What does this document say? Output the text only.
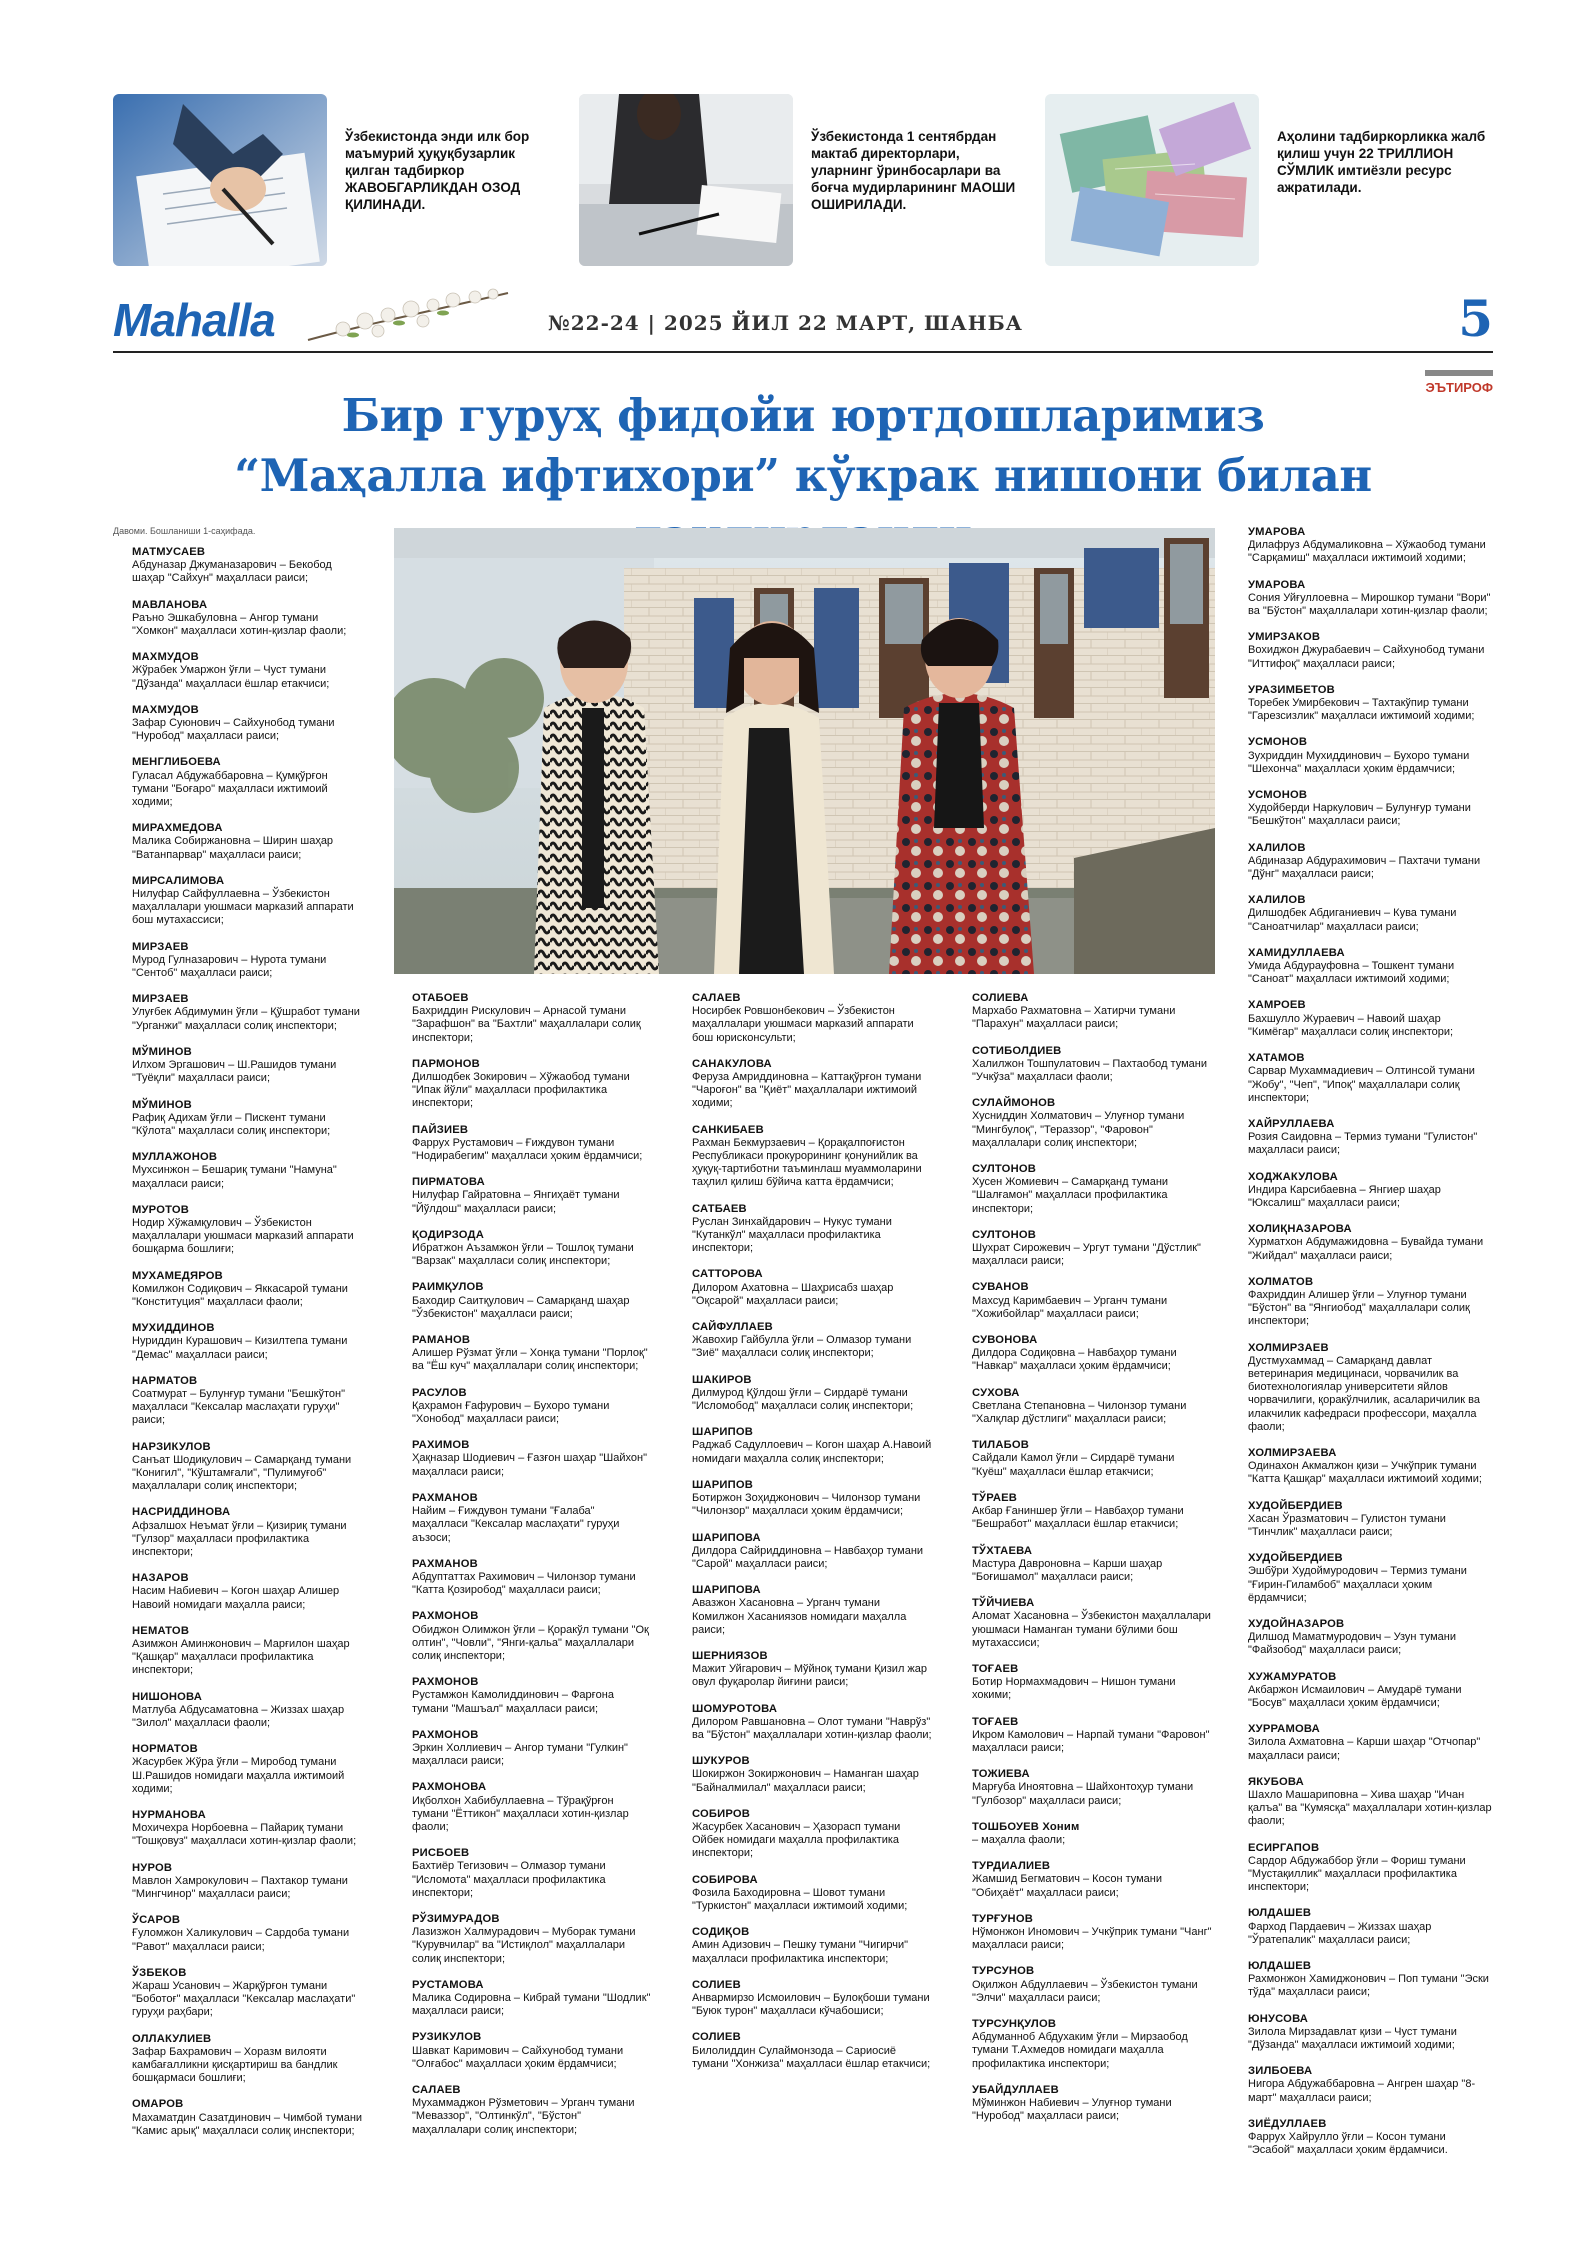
Ўзбекистонда энди илк бор маъмурий ҳуқуқбузарлик қилган тадбиркор ЖАВОБГАРЛИКДАН ОЗОД ҚИЛИНАДИ.
Ўзбекистонда 1 сентябрдан мактаб директорлари, уларнинг ўринбосарлари ва боғча мудирларининг МАОШИ ОШИРИЛАДИ.
Аҳолини тадбиркорликка жалб қилиш учун 22 ТРИЛЛИОН СЎМЛИК имтиёзли ресурс ажратилади.
Mahalla	№22-24 | 2025 ЙИЛ 22 МАРТ, ШАНБА	5
ЭЪТИРОФ
Бир гуруҳ фидойи юртдошларимиз
“Маҳалла ифтихори” кўкрак нишони билан
Давоми. Бошланиши 1-саҳифада.
МАТМУСАЕВ
Абдуназар Джуманазарович – Бекобод шаҳар "Сайхун" маҳалласи раиси;
МАВЛАНОВА
Раъно Эшкабуловна – Ангор тумани "Хомкон" маҳалласи хотин-қизлар фаоли;
МАХМУДОВ
Жўрабек Умаржон ўғли – Чуст тумани "Дўзанда" маҳалласи ёшлар етакчиси;
МАХМУДОВ
Зафар Суюнович – Сайхунобод тумани "Нуробод" маҳалласи раиси;
МЕНГЛИБОЕВА
Гуласал Абдужаббаровна – Қумқўрғон тумани "Боғаро" маҳалласи ижтимоий ходими;
МИРАХМЕДОВА
Малика Собиржановна – Ширин шаҳар "Ватанпарвар" маҳалласи раиси;
МИРСАЛИМОВА
Нилуфар Сайфуллаевна – Ўзбекистон маҳаллалари уюшмаси марказий аппарати бош мутахассиси;
МИРЗАЕВ
Мурод Гулназарович – Нурота тумани "Сентоб" маҳалласи раиси;
МИРЗАЕВ
Улуғбек Абдимумин ўғли – Қўшработ тумани "Урганжи" маҳалласи солиқ инспектори;
МЎМИНОВ
Илхом Эргашович – Ш.Рашидов тумани "Туёқли" маҳалласи раиси;
МЎМИНОВ
Рафиқ Адихам ўғли – Пискент тумани "Кўлота" маҳалласи солиқ инспектори;
МУЛЛАЖОНОВ
Мухсинжон – Бешариқ тумани "Намуна" маҳалласи раиси;
МУРОТОВ
Нодир Хўжамқулович – Ўзбекистон маҳаллалари уюшмаси марказий аппарати бошқарма бошлиғи;
МУХАМЕДЯРОВ
Комилжон Содиқович – Яккасарой тумани "Конституция" маҳалласи фаоли;
МУХИДДИНОВ
Нуриддин Курашович – Кизилтепа тумани "Демас" маҳалласи раиси;
НАРМАТОВ
Соатмурат – Булунғур тумани "Бешкўтон" маҳалласи "Кексалар маслаҳати гуруҳи" раиси;
НАРЗИКУЛОВ
Санъат Шодиқулович – Самарқанд тумани "Конигил", "Кўштамғали", "Пулимуғоб" маҳаллалари солиқ инспектори;
НАСРИДДИНОВА
Афзалшох Неъмат ўғли – Қизириқ тумани "Гулзор" маҳалласи профилактика инспектори;
НАЗАРОВ
Насим Набиевич – Когон шаҳар Алишер Навоий номидаги маҳалла раиси;
НЕМАТОВ
Азимжон Аминжонович – Марғилон шаҳар "Қашқар" маҳалласи профилактика инспектори;
НИШОНОВА
Матлуба Абдусаматовна – Жиззах шаҳар "Зилол" маҳалласи фаоли;
НОРМАТОВ
Жасурбек Жўра ўғли – Миробод тумани Ш.Рашидов номидаги маҳалла ижтимоий ходими;
НУРМАНОВА
Мохичехра Норбоевна – Пайариқ тумани "Тошқовуз" маҳалласи хотин-қизлар фаоли;
НУРОВ
Мавлон Хамрокулович – Пахтакор тумани "Мингчинор" маҳалласи раиси;
ЎСАРОВ
Ғуломжон Халикулович – Сардоба тумани "Равот" маҳалласи раиси;
ЎЗБЕКОВ
Жараш Усанович – Жарқўрғон тумани "Боботоғ" маҳалласи "Кексалар маслаҳати" гуруҳи раҳбари;
ОЛЛАКУЛИЕВ
Зафар Бахрамович – Хоразм вилояти камбағалликни қисқартириш ва бандлик бошқармаси бошлиғи;
ОМАРОВ
Махаматдин Сазатдинович – Чимбой тумани "Камис арық" маҳалласи солиқ инспектори;
ОТАБОЕВ
Бахриддин Рискулович – Арнасой тумани "Зарафшон" ва "Бахтли" маҳаллалари солиқ инспектори;
ПАРМОНОВ
Дилшодбек Зокирович – Хўжаобод тумани "Ипак йўли" маҳалласи профилактика инспектори;
ПАЙЗИЕВ
Фаррух Рустамович – Ғиждувон тумани "Нодирабегим" маҳалласи ҳоким ёрдамчиси;
ПИРМАТОВА
Нилуфар Гайратовна – Янгиҳаёт тумани "Йўлдош" маҳалласи раиси;
ҚОДИРЗОДА
Ибратжон Аъзамжон ўғли – Тошлоқ тумани "Варзак" маҳалласи солиқ инспектори;
РАИМҚУЛОВ
Баходир Саитқулович – Самарқанд шаҳар "Ўзбекистон" маҳалласи раиси;
РАМАНОВ
Алишер Рўзмат ўғли – Хонқа тумани "Порлоқ" ва "Ёш куч" маҳаллалари солиқ инспектори;
РАСУЛОВ
Қахрамон Ғафурович – Бухоро тумани "Хонобод" маҳалласи раиси;
РАХИМОВ
Ҳақназар Шодиевич – Ғазғон шаҳар "Шайхон" маҳалласи раиси;
РАХМАНОВ
Найим – Ғиждувон тумани "Ғалаба" маҳалласи "Кексалар маслаҳати" гуруҳи аъзоси;
РАХМАНОВ
Абдуптаттах Рахимович – Чилонзор тумани "Катта Қозиробод" маҳалласи раиси;
РАХМОНОВ
Обиджон Олимжон ўғли – Қоракўл тумани "Оқ олтин", "Човли", "Янги-қальа" маҳаллалари солиқ инспектори;
РАХМОНОВ
Рустамжон Камолиддинович – Фарғона тумани "Машъал" маҳалласи раиси;
РАХМОНОВ
Эркин Холлиевич – Ангор тумани "Гулкин" маҳалласи раиси;
РАХМОНОВА
Иқболхон Хабибуллаевна – Тўрақўрғон тумани "Ёттикон" маҳалласи хотин-қизлар фаоли;
РИСБОЕВ
Бахтиёр Тегизович – Олмазор тумани "Исломота" маҳалласи профилактика инспектори;
РЎЗИМУРАДОВ
Лазизжон Халмурадович – Муборак тумани "Курувчилар" ва "Истиқлол" маҳаллалари солиқ инспектори;
РУСТАМОВА
Малика Содировна – Кибрай тумани "Шодлик" маҳалласи раиси;
РУЗИКУЛОВ
Шавкат Каримович – Сайхунобод тумани "Олғабос" маҳалласи ҳоким ёрдамчиси;
САЛАЕВ
Мухаммаджон Рўзметович – Урганч тумани "Меваззор", "Олтинкўл", "Бўстон" маҳаллалари солиқ инспектори;
САЛАЕВ
Носирбек Ровшонбекович – Ўзбекистон маҳаллалари уюшмаси марказий аппарати бош юрисконсульти;
САНАКУЛОВА
Феруза Амриддиновна – Каттақўрғон тумани "Чароғон" ва "Қиёт" маҳаллалари ижтимоий ходими;
САНКИБАЕВ
Рахман Бекмурзаевич – Қорақалпоғистон Республикаси прокурорининг қонунийлик ва ҳуқуқ-тартиботни таъминлаш муаммоларини таҳлил қилиш бўйича катта ёрдамчиси;
САТБАЕВ
Руслан Зинхайдарович – Нукус тумани "Кутанкўл" маҳалласи профилактика инспектори;
САТТОРОВА
Дилором Ахатовна – Шаҳрисабз шаҳар "Оқсарой" маҳалласи раиси;
САЙФУЛЛАЕВ
Жавохир Гайбулла ўғли – Олмазор тумани "Зиё" маҳалласи солиқ инспектори;
ШАКИРОВ
Дилмурод Қўлдош ўғли – Сирдарё тумани "Исломобод" маҳалласи солиқ инспектори;
ШАРИПОВ
Раджаб Садуллоевич – Когон шаҳар А.Навоий номидаги маҳалла солиқ инспектори;
ШАРИПОВ
Ботиржон Зоҳиджонович – Чилонзор тумани "Чилонзор" маҳалласи ҳоким ёрдамчиси;
ШАРИПОВА
Дилдора Сайриддиновна – Навбаҳор тумани "Сарой" маҳалласи раиси;
ШАРИПОВА
Авазжон Хасановна – Урганч тумани Комилжон Хасаниязов номидаги маҳалла раиси;
ШЕРНИЯЗОВ
Мажит Уйгарович – Мўйноқ тумани Қизил жар овул фуқаролар йиғини раиси;
ШОМУРОТОВА
Дилором Равшановна – Олот тумани "Наврўз" ва "Бўстон" маҳаллалари хотин-қизлар фаоли;
ШУКУРОВ
Шокиржон Зокиржонович – Наманган шаҳар "Байналмилал" маҳалласи раиси;
СОБИРОВ
Жасурбек Хасанович – Ҳазорасп тумани Ойбек номидаги маҳалла профилактика инспектори;
СОБИРОВА
Фозила Баходировна – Шовот тумани "Туркистон" маҳалласи ижтимоий ходими;
СОДИҚОВ
Амин Адизович – Пешку тумани "Чигирчи" маҳалласи профилактика инспектори;
СОЛИЕВ
Анвармирзо Исмоилович – Булоқбоши тумани "Буюк турон" маҳалласи кўчабошиси;
СОЛИЕВ
Билолиддин Сулаймонзода – Сариосиё тумани "Хонжиза" маҳалласи ёшлар етакчиси;
СОЛИЕВА
Мархабо Рахматовна – Хатирчи тумани "Парахун" маҳалласи раиси;
СОТИБОЛДИЕВ
Халилжон Тошпулатович – Пахтаобод тумани "Учкўза" маҳалласи фаоли;
СУЛАЙМОНОВ
Хусниддин Холматович – Улуғнор тумани "Мингбулоқ", "Тераззор", "Фаровон" маҳаллалари солиқ инспектори;
СУЛТОНОВ
Хусен Жомиевич – Самарқанд тумани "Шалғамон" маҳалласи профилактика инспектори;
СУЛТОНОВ
Шухрат Сирожевич – Ургут тумани "Дўстлик" маҳалласи раиси;
СУВАНОВ
Махсуд Каримбаевич – Урганч тумани "Хожибойлар" маҳалласи раиси;
СУВОНОВА
Дилдора Содиқовна – Навбаҳор тумани "Навкар" маҳалласи ҳоким ёрдамчиси;
СУХОВА
Светлана Степановна – Чилонзор тумани "Халқлар дўстлиги" маҳалласи раиси;
ТИЛАБОВ
Сайдали Камол ўғли – Сирдарё тумани "Куёш" маҳалласи ёшлар етакчиси;
ТЎРАЕВ
Акбар Ғаниншер ўғли – Навбаҳор тумани "Бешработ" маҳалласи ёшлар етакчиси;
ТЎХТАЕВА
Мастура Давроновна – Карши шаҳар "Боғишамол" маҳалласи раиси;
ТЎЙЧИЕВА
Аломат Хасановна – Ўзбекистон маҳаллалари уюшмаси Наманган тумани бўлими бош мутахассиси;
ТОҒАЕВ
Ботир Нормахмадович – Нишон тумани хокими;
ТОҒАЕВ
Икром Камолович – Нарпай тумани "Фаровон" маҳалласи раиси;
ТОЖИЕВА
Марғуба Иноятовна – Шайхонтоҳур тумани "Гулбозор" маҳалласи раиси;
ТОШБОУЕВ Хоним
– маҳалла фаоли;
ТУРДИАЛИЕВ
Жамшид Бегматович – Косон тумани "Обиҳаёт" маҳалласи раиси;
ТУРҒУНОВ
Нўмонжон Иномович – Учкўприк тумани "Чанг" маҳалласи раиси;
ТУРСУНОВ
Оқилжон Абдуллаевич – Ўзбекистон тумани "Элчи" маҳалласи раиси;
ТУРСУНҚУЛОВ
Абдуманноб Абдухаким ўғли – Мирзаобод тумани Т.Ахмедов номидаги маҳалла профилактика инспектори;
УБАЙДУЛЛАЕВ
Мўминжон Набиевич – Улуғнор тумани "Нуробод" маҳалласи раиси;
УМАРОВА
Дилафруз Абдумаликовна – Хўжаобод тумани "Сарқамиш" маҳалласи ижтимоий ходими;
УМАРОВА
Сония Уйғуллоевна – Мирошкор тумани "Вори" ва "Бўстон" маҳаллалари хотин-қизлар фаоли;
УМИРЗАКОВ
Вохиджон Джурабаевич – Сайхунобод тумани "Иттифоқ" маҳалласи раиси;
УРАЗИМБЕТОВ
Торебек Умирбекович – Тахтакўпир тумани "Гарезсизлик" маҳалласи ижтимоий ходими;
УСМОНОВ
Зухриддин Мухиддинович – Бухоро тумани "Шехонча" маҳалласи ҳоким ёрдамчиси;
УСМОНОВ
Худойберди Наркулович – Булунғур тумани "Бешкўтон" маҳалласи раиси;
ХАЛИЛОВ
Абдиназар Абдурахимович – Пахтачи тумани "Дўнг" маҳалласи раиси;
ХАЛИЛОВ
Дилшодбек Абдиганиевич – Кува тумани "Саноатчилар" маҳалласи раиси;
ХАМИДУЛЛАЕВА
Умида Абдурауфовна – Тошкент тумани "Саноат" маҳалласи ижтимоий ходими;
ХАМРОЕВ
Бахшулло Жураевич – Навоий шаҳар "Кимёгар" маҳалласи солиқ инспектори;
ХАТАМОВ
Сарвар Мухаммадиевич – Олтинсой тумани "Жобу", "Чеп", "Ипоқ" маҳаллалари солиқ инспектори;
ХАЙРУЛЛАЕВА
Розия Саидовна – Термиз тумани "Гулистон" маҳалласи раиси;
ХОДЖАКУЛОВА
Индира Карсибаевна – Янгиер шаҳар "Юксалиш" маҳалласи раиси;
ХОЛИҚНАЗАРОВА
Хурматхон Абдумажидовна – Бувайда тумани "Жийдал" маҳалласи раиси;
ХОЛМАТОВ
Фахриддин Алишер ўғли – Улуғнор тумани "Бўстон" ва "Янгиобод" маҳаллалари солиқ инспектори;
ХОЛМИРЗАЕВ
Дустмухаммад – Самарқанд давлат ветеринария медицинаси, чорвачилик ва биотехнологиялар университети яйлов чорвачилиги, қоракўлчилик, асаларичилик ва илакчилик кафедраси профессори, маҳалла фаоли;
ХОЛМИРЗАЕВА
Одинахон Акмалжон қизи – Учкўприк тумани "Катта Қашқар" маҳалласи ижтимоий ходими;
ХУДОЙБЕРДИЕВ
Хасан Ўразматович – Гулистон тумани "Тинчлик" маҳалласи раиси;
ХУДОЙБЕРДИЕВ
Эшбўри Худоймуродович – Термиз тумани "Ғирин-Гиламбоб" маҳалласи ҳоким ёрдамчиси;
ХУДОЙНАЗАРОВ
Дилшод Маматмуродович – Узун тумани "Файзобод" маҳалласи раиси;
ХУЖАМУРАТОВ
Акбаржон Исмаилович – Амударё тумани "Босув" маҳалласи ҳоким ёрдамчиси;
ХУРРАМОВА
Зилола Ахматовна – Карши шаҳар "Отчопар" маҳалласи раиси;
ЯКУБОВА
Шахло Машариповна – Хива шаҳар "Ичан қалъа" ва "Кумясқа" маҳаллалари хотин-қизлар фаоли;
ЕСИРГАПОВ
Сардор Абдужаббор ўғли – Фориш тумани "Мустақиллик" маҳалласи профилактика инспектори;
ЮЛДАШЕВ
Фарход Пардаевич – Жиззах шаҳар "Ўратепалик" маҳалласи раиси;
ЮЛДАШЕВ
Рахмонжон Хамиджонович – Поп тумани "Эски тўда" маҳалласи раиси;
ЮНУСОВА
Зилола Мирзадавлат қизи – Чуст тумани "Дўзанда" маҳалласи ижтимоий ходими;
ЗИЛБОЕВА
Нигора Абдужаббаровна – Ангрен шаҳар "8-март" маҳалласи раиси;
ЗИЁДУЛЛАЕВ
Фаррух Хайрулло ўғли – Косон тумани "Эсабой" маҳалласи ҳоким ёрдамчиси.
